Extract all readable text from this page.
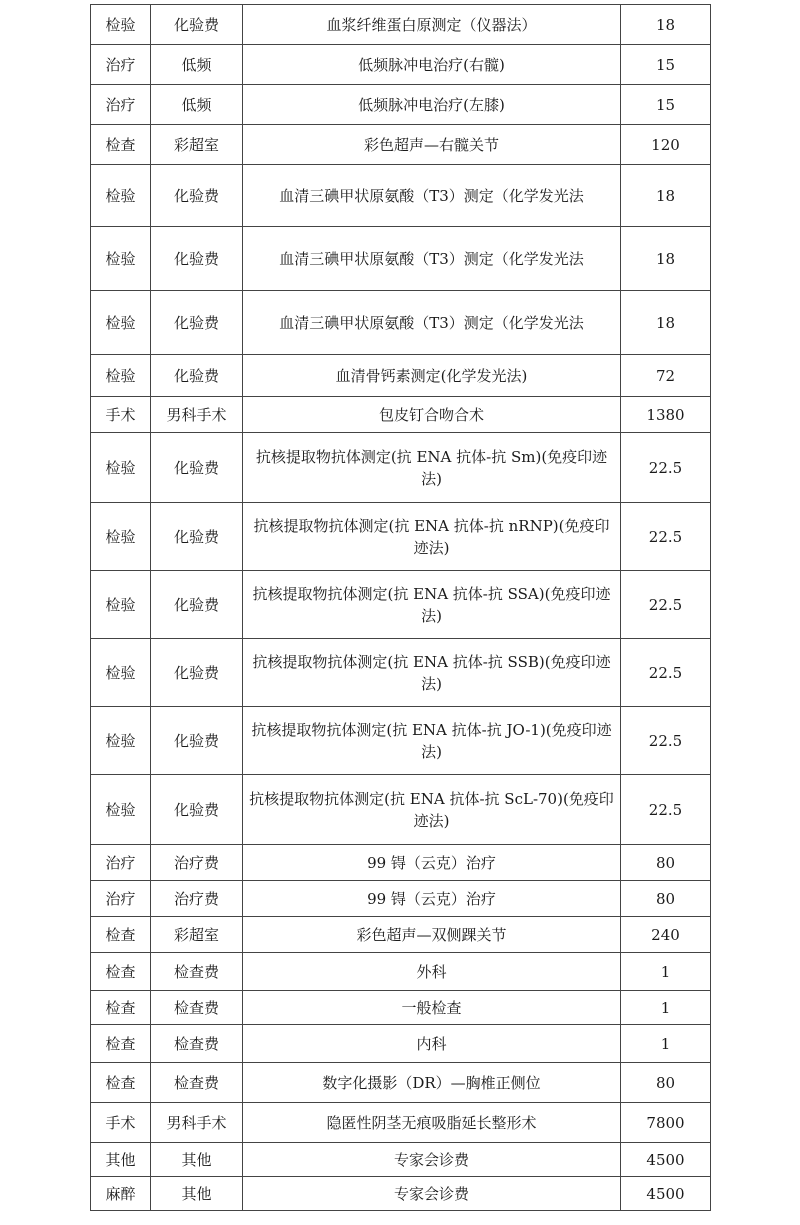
检验	化验费	血浆纤维蛋白原测定（仪器法）	18
治疗	低频	低频脉冲电治疗(右髋)	15
治疗	低频	低频脉冲电治疗(左膝)	15
检查	彩超室	彩色超声—右髋关节	120
检验	化验费	血清三碘甲状原氨酸（T3）测定（化学发光法	18
检验	化验费	血清三碘甲状原氨酸（T3）测定（化学发光法	18
检验	化验费	血清三碘甲状原氨酸（T3）测定（化学发光法	18
检验	化验费	血清骨钙素测定(化学发光法)	72
手术	男科手术	包皮钉合吻合术	1380
检验	化验费	抗核提取物抗体测定(抗 ENA 抗体-抗 Sm)(免疫印迹法)	22.5
检验	化验费	抗核提取物抗体测定(抗 ENA 抗体-抗 nRNP)(免疫印迹法)	22.5
检验	化验费	抗核提取物抗体测定(抗 ENA 抗体-抗 SSA)(免疫印迹法)	22.5
检验	化验费	抗核提取物抗体测定(抗 ENA 抗体-抗 SSB)(免疫印迹法)	22.5
检验	化验费	抗核提取物抗体测定(抗 ENA 抗体-抗 JO-1)(免疫印迹法)	22.5
检验	化验费	抗核提取物抗体测定(抗 ENA 抗体-抗 ScL-70)(免疫印迹法)	22.5
治疗	治疗费	99 锝（云克）治疗	80
治疗	治疗费	99 锝（云克）治疗	80
检查	彩超室	彩色超声—双侧踝关节	240
检查	检查费	外科	1
检查	检查费	一般检查	1
检查	检查费	内科	1
检查	检查费	数字化摄影（DR）—胸椎正侧位	80
手术	男科手术	隐匿性阴茎无痕吸脂延长整形术	7800
其他	其他	专家会诊费	4500
麻醉	其他	专家会诊费	4500
